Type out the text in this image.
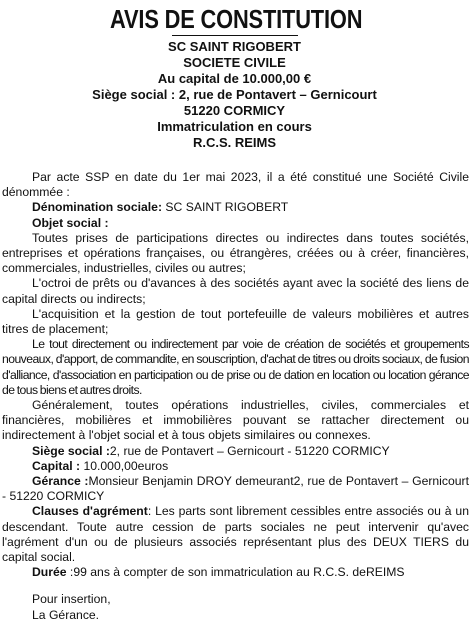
AVIS DE CONSTITUTION
SC SAINT RIGOBERT
SOCIETE CIVILE
Au capital de 10.000,00 €
Siège social : 2, rue de Pontavert – Gernicourt
51220 CORMICY
Immatriculation en cours
R.C.S. REIMS

Par acte SSP en date du 1er mai 2023, il a été constitué une Société Civile dénommée :

Dénomination sociale: SC SAINT RIGOBERT

Objet social :

Toutes prises de participations directes ou indirectes dans toutes sociétés, entreprises et opérations françaises, ou étrangères, créées ou à créer, financières, commerciales, industrielles, civiles ou autres;

L'octroi de prêts ou d'avances à des sociétés ayant avec la société des liens de capital directs ou indirects;

L'acquisition et la gestion de tout portefeuille de valeurs mobilières et autres titres de placement;

Le tout directement ou indirectement par voie de création de sociétés et groupements nouveaux, d'apport, de commandite, en souscription, d'achat de titres ou droits sociaux, de fusion d'alliance, d'association en participation ou de prise ou de dation en location ou location gérance de tous biens et autres droits.

Généralement, toutes opérations industrielles, civiles, commerciales et financières, mobilières et immobilières pouvant se rattacher directement ou indirectement à l'objet social et à tous objets similaires ou connexes.

Siège social :2, rue de Pontavert – Gernicourt - 51220 CORMICY

Capital : 10.000,00euros

Gérance :Monsieur Benjamin DROY demeurant2, rue de Pontavert – Gernicourt - 51220 CORMICY

Clauses d'agrément: Les parts sont librement cessibles entre associés ou à un descendant. Toute autre cession de parts sociales ne peut intervenir qu'avec l'agrément d'un ou de plusieurs associés représentant plus des DEUX TIERS du capital social.

Durée :99 ans à compter de son immatriculation au R.C.S. deREIMS

Pour insertion,
La Gérance.
